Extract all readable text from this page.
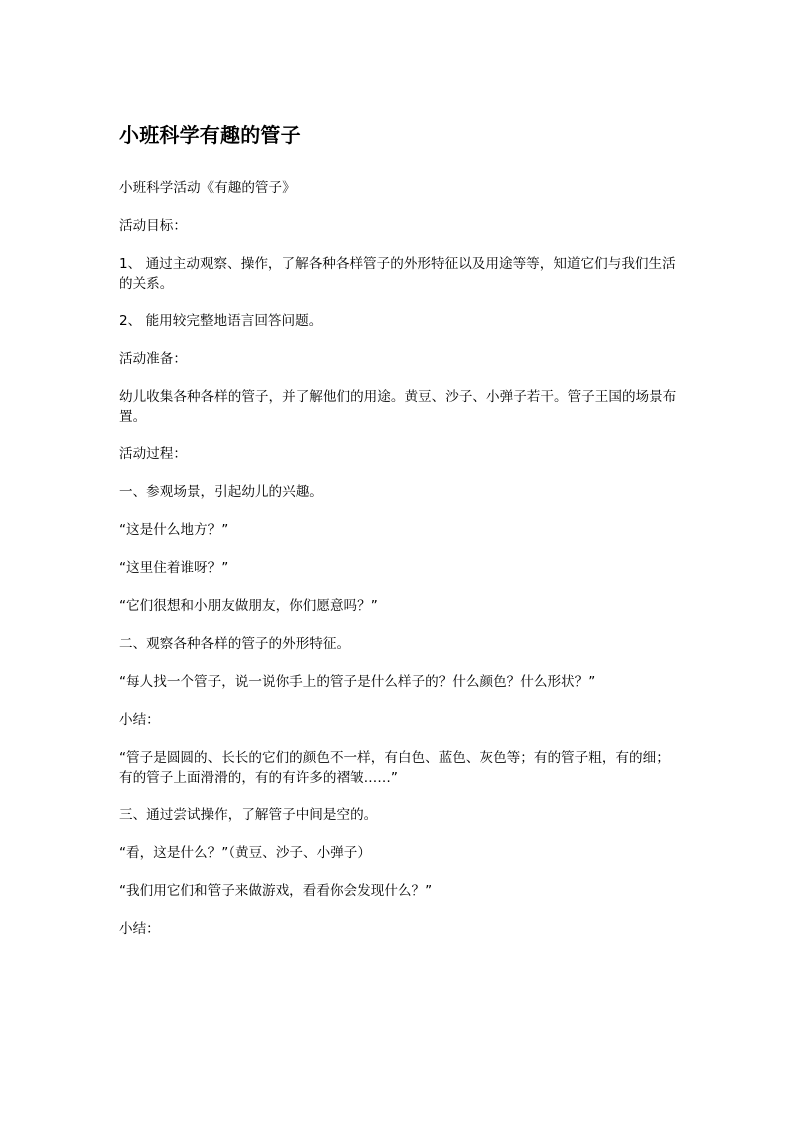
小班科学有趣的管子

小班科学活动《有趣的管子》

活动目标：

1、 通过主动观察、操作，了解各种各样管子的外形特征以及用途等等，知道它们与我们生活的关系。

2、 能用较完整地语言回答问题。

活动准备：

幼儿收集各种各样的管子，并了解他们的用途。黄豆、沙子、小弹子若干。管子王国的场景布置。

活动过程：

一、参观场景，引起幼儿的兴趣。

“这是什么地方？”

“这里住着谁呀？”

“它们很想和小朋友做朋友，你们愿意吗？”

二、观察各种各样的管子的外形特征。

“每人找一个管子，说一说你手上的管子是什么样子的？什么颜色？什么形状？”

小结：

“管子是圆圆的、长长的它们的颜色不一样，有白色、蓝色、灰色等；有的管子粗，有的细；有的管子上面滑滑的，有的有许多的褶皱……”

三、通过尝试操作，了解管子中间是空的。

“看，这是什么？”（黄豆、沙子、小弹子）

“我们用它们和管子来做游戏，看看你会发现什么？”

小结：
